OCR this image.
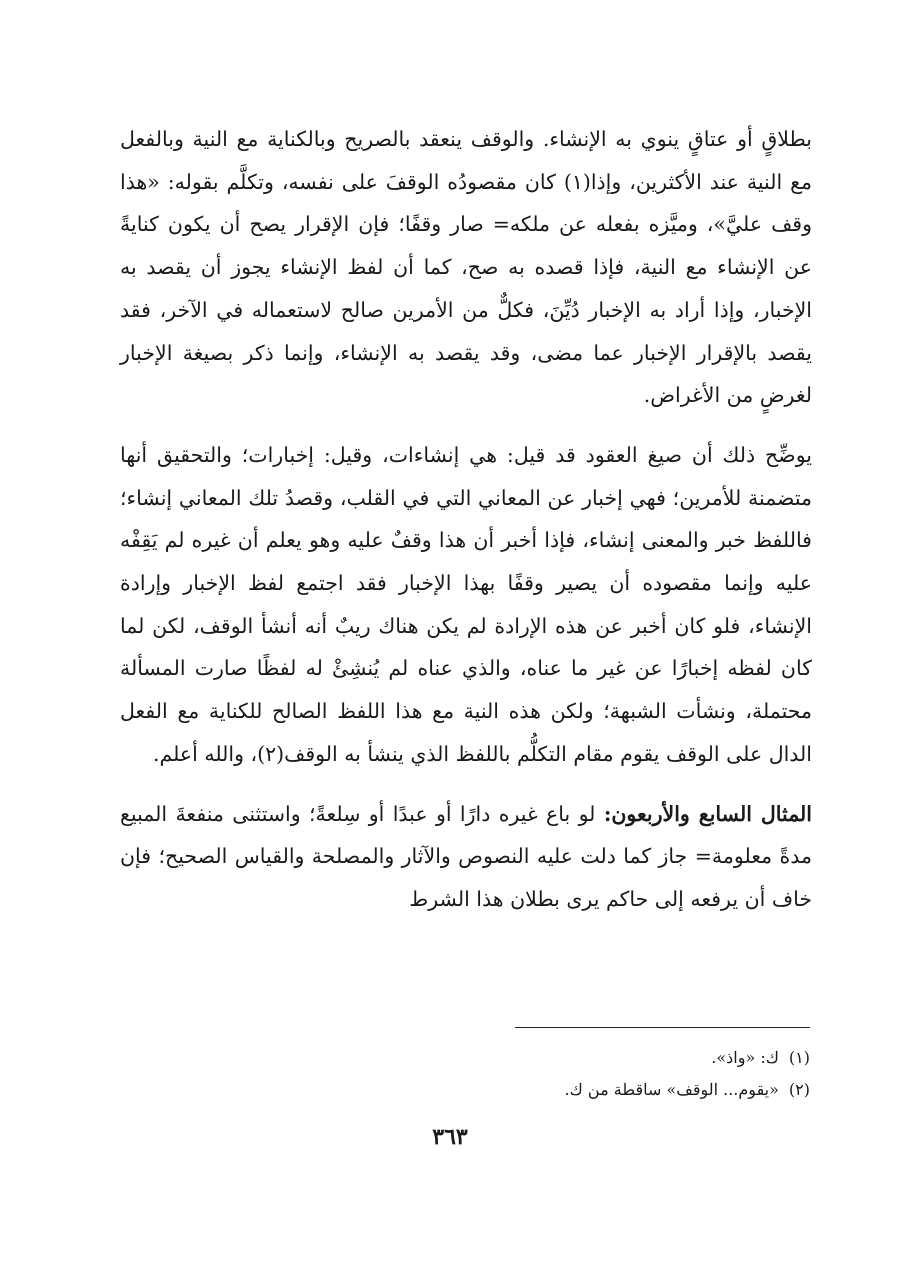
بطلاقٍ أو عتاقٍ ينوي به الإنشاء. والوقف ينعقد بالصريح وبالكناية مع النية وبالفعل مع النية عند الأكثرين، وإذا(١) كان مقصودُه الوقفَ على نفسه، وتكلَّم بقوله: «هذا وقف عليَّ»، وميَّزه بفعله عن ملكه= صار وقفًا؛ فإن الإقرار يصح أن يكون كنايةً عن الإنشاء مع النية، فإذا قصده به صح، كما أن لفظ الإنشاء يجوز أن يقصد به الإخبار، وإذا أراد به الإخبار دُيِّنَ، فكلٌّ من الأمرين صالح لاستعماله في الآخر، فقد يقصد بالإقرار الإخبار عما مضى، وقد يقصد به الإنشاء، وإنما ذكر بصيغة الإخبار لغرضٍ من الأغراض.

يوضِّح ذلك أن صيغ العقود قد قيل: هي إنشاءات، وقيل: إخبارات؛ والتحقيق أنها متضمنة للأمرين؛ فهي إخبار عن المعاني التي في القلب، وقصدُ تلك المعاني إنشاء؛ فاللفظ خبر والمعنى إنشاء، فإذا أخبر أن هذا وقفٌ عليه وهو يعلم أن غيره لم يَقِفْه عليه وإنما مقصوده أن يصير وقفًا بهذا الإخبار فقد اجتمع لفظ الإخبار وإرادة الإنشاء، فلو كان أخبر عن هذه الإرادة لم يكن هناك ريبٌ أنه أنشأ الوقف، لكن لما كان لفظه إخبارًا عن غير ما عناه، والذي عناه لم يُنشِئْ له لفظًا صارت المسألة محتملة، ونشأت الشبهة؛ ولكن هذه النية مع هذا اللفظ الصالح للكناية مع الفعل الدال على الوقف يقوم مقام التكلُّم باللفظ الذي ينشأ به الوقف(٢)، والله أعلم.

المثال السابع والأربعون: لو باع غيره دارًا أو عبدًا أو سِلعةً؛ واستثنى منفعةَ المبيع مدةً معلومة= جاز كما دلت عليه النصوص والآثار والمصلحة والقياس الصحيح؛ فإن خاف أن يرفعه إلى حاكم يرى بطلان هذا الشرط

(١)ك: «واذ».
(٢)«يقوم... الوقف» ساقطة من ك.
٣٦٣
